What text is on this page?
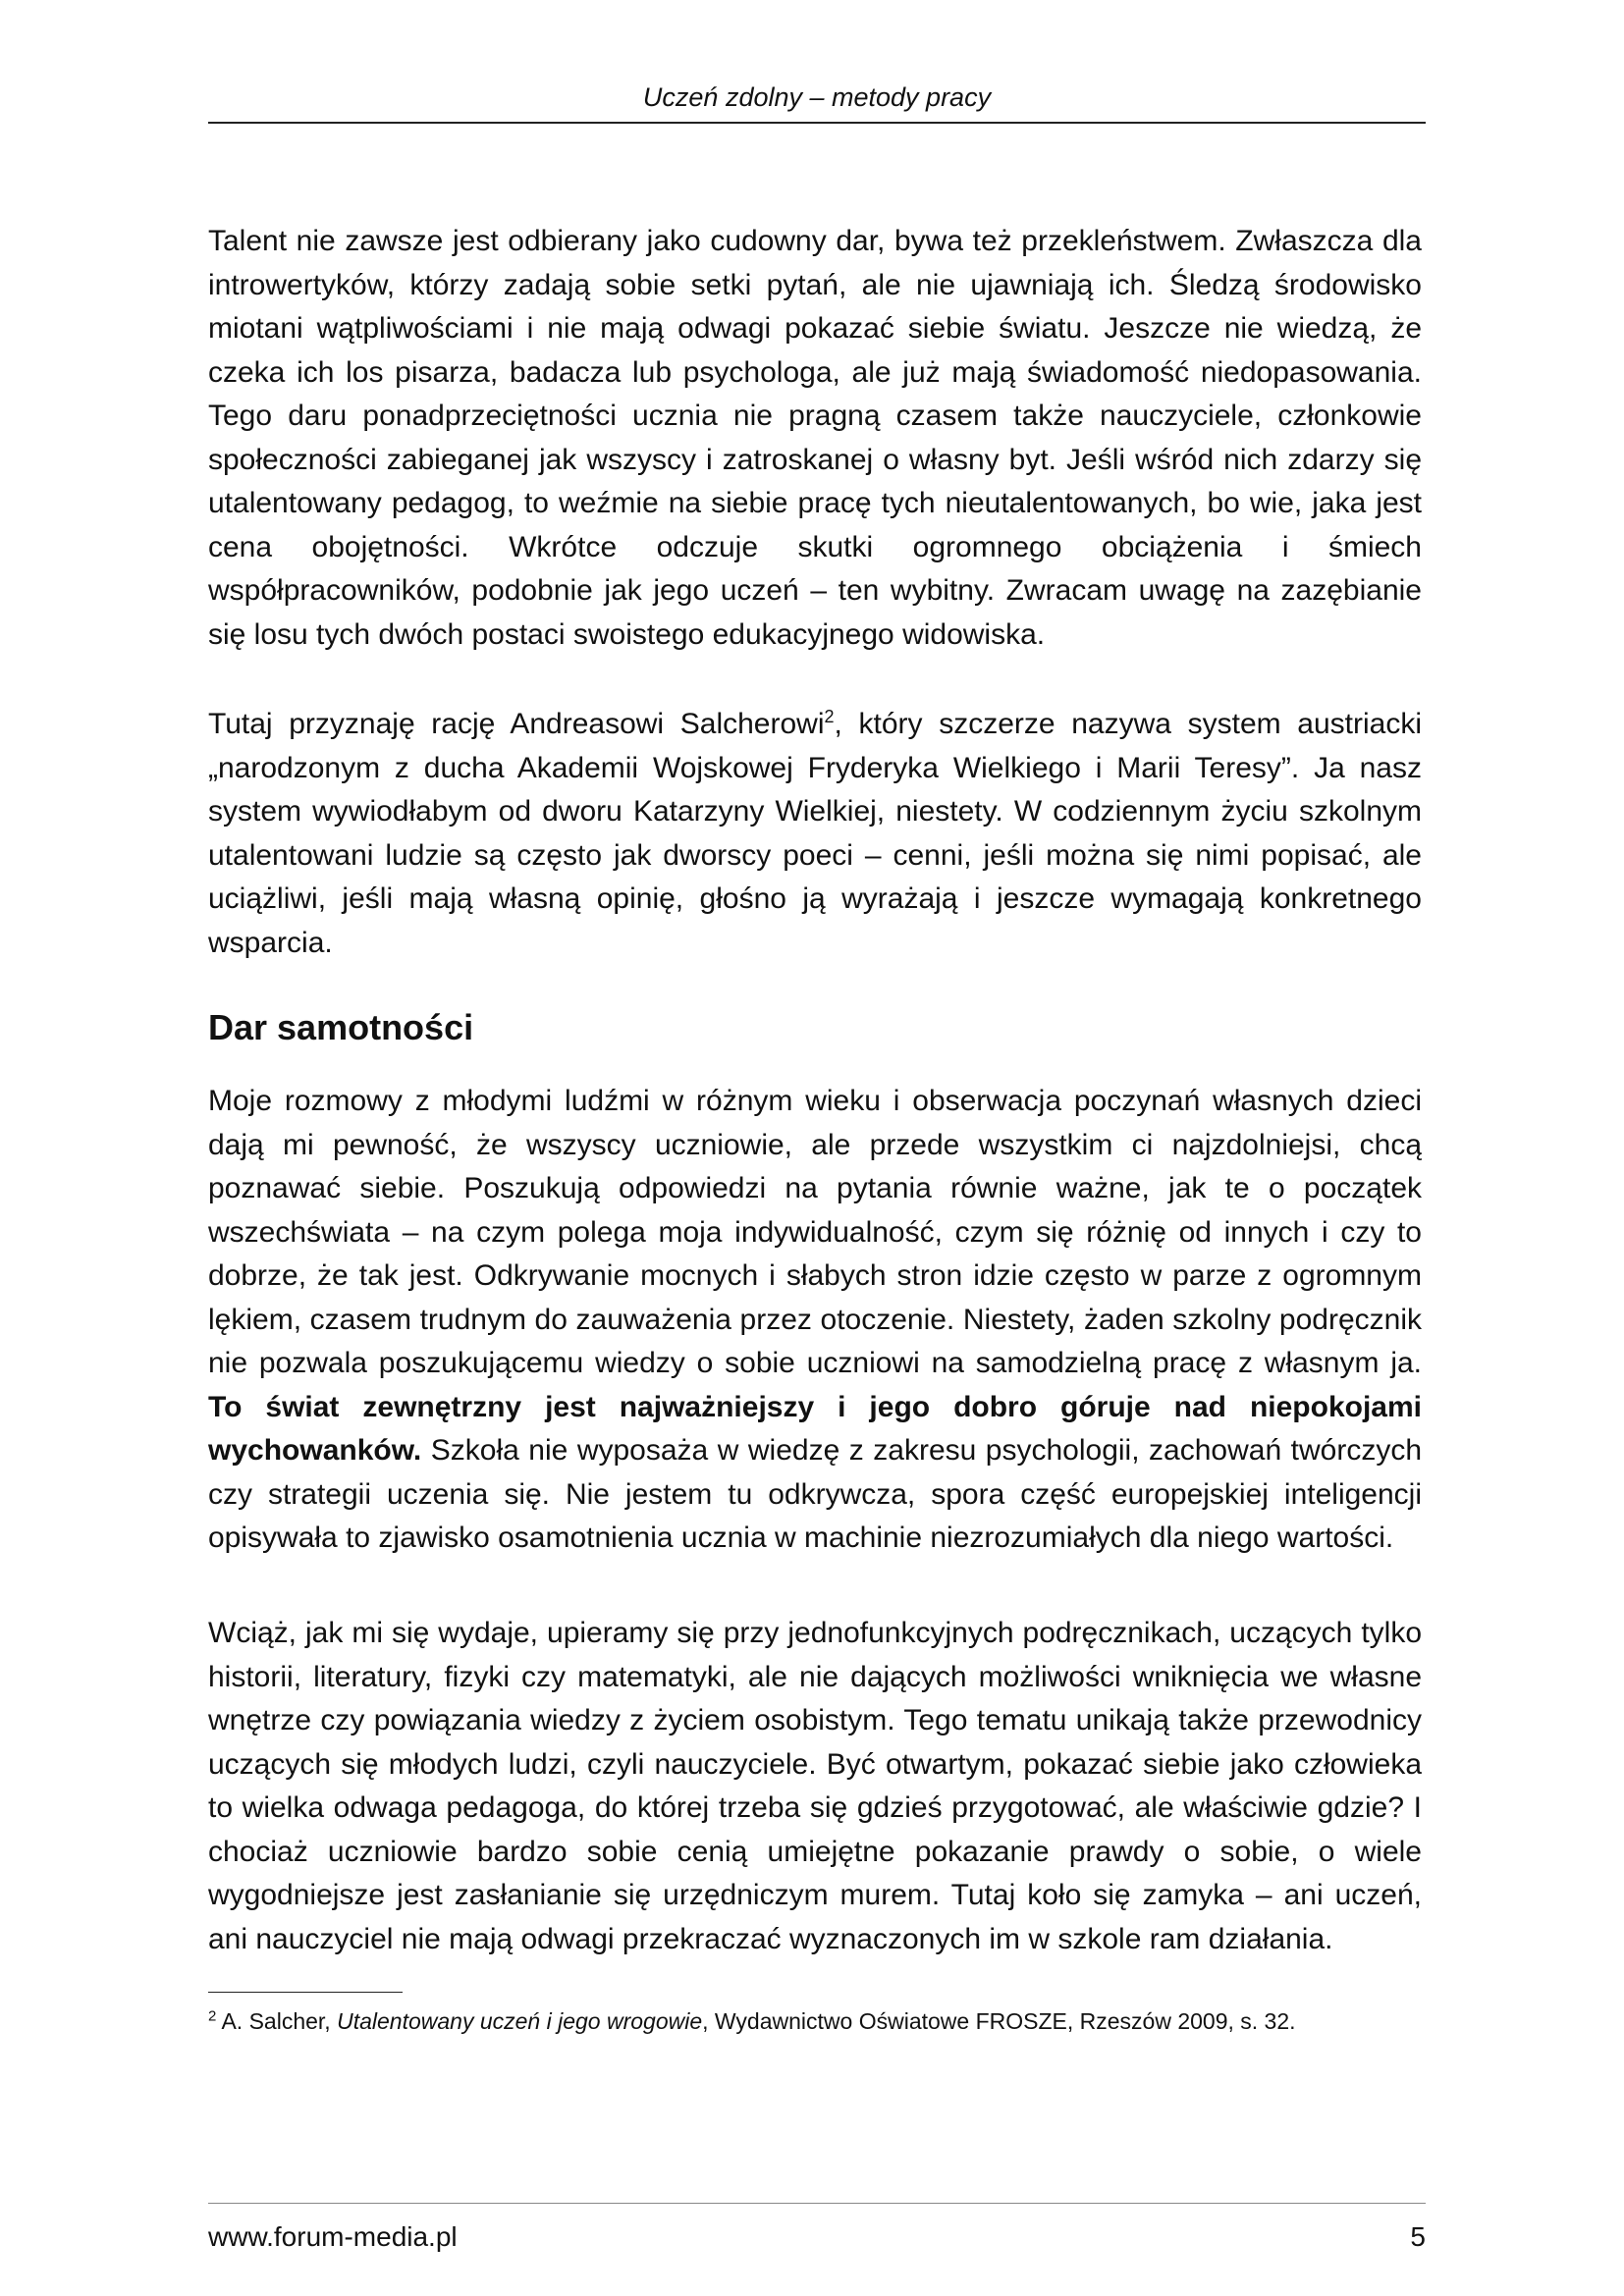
Uczeń zdolny – metody pracy
Talent nie zawsze jest odbierany jako cudowny dar, bywa też przekleństwem. Zwłaszcza dla introwertyków, którzy zadają sobie setki pytań, ale nie ujawniają ich. Śledzą środowisko miotani wątpliwościami i nie mają odwagi pokazać siebie światu. Jeszcze nie wiedzą, że czeka ich los pisarza, badacza lub psychologa, ale już mają świadomość niedopasowania. Tego daru ponadprzeciętności ucznia nie pragną czasem także nauczyciele, członkowie społeczności zabieganej jak wszyscy i zatroskanej o własny byt. Jeśli wśród nich zdarzy się utalentowany pedagog, to weźmie na siebie pracę tych nieutalentowanych, bo wie, jaka jest cena obojętności. Wkrótce odczuje skutki ogromnego obciążenia i śmiech współpracowników, podobnie jak jego uczeń – ten wybitny. Zwracam uwagę na zazębianie się losu tych dwóch postaci swoistego edukacyjnego widowiska.
Tutaj przyznaję rację Andreasowi Salcherowi$^2$, który szczerze nazywa system austriacki „narodzonym z ducha Akademii Wojskowej Fryderyka Wielkiego i Marii Teresy”. Ja nasz system wywiodłabym od dworu Katarzyny Wielkiej, niestety. W codziennym życiu szkolnym utalentowani ludzie są często jak dworscy poeci – cenni, jeśli można się nimi popisać, ale uciążliwi, jeśli mają własną opinię, głośno ją wyrażają i jeszcze wymagają konkretnego wsparcia.
Dar samotności
Moje rozmowy z młodymi ludźmi w różnym wieku i obserwacja poczynań własnych dzieci dają mi pewność, że wszyscy uczniowie, ale przede wszystkim ci najzdolniejsi, chcą poznawać siebie. Poszukują odpowiedzi na pytania równie ważne, jak te o początek wszechświata – na czym polega moja indywidualność, czym się różnię od innych i czy to dobrze, że tak jest. Odkrywanie mocnych i słabych stron idzie często w parze z ogromnym lękiem, czasem trudnym do zauważenia przez otoczenie. Niestety, żaden szkolny podręcznik nie pozwala poszukującemu wiedzy o sobie uczniowi na samodzielną pracę z własnym ja. To świat zewnętrzny jest najważniejszy i jego dobro góruje nad niepokojami wychowanków. Szkoła nie wyposaża w wiedzę z zakresu psychologii, zachowań twórczych czy strategii uczenia się. Nie jestem tu odkrywcza, spora część europejskiej inteligencji opisywała to zjawisko osamotnienia ucznia w machinie niezrozumiałych dla niego wartości.
Wciąż, jak mi się wydaje, upieramy się przy jednofunkcyjnych podręcznikach, uczących tylko historii, literatury, fizyki czy matematyki, ale nie dających możliwości wniknięcia we własne wnętrze czy powiązania wiedzy z życiem osobistym. Tego tematu unikają także przewodnicy uczących się młodych ludzi, czyli nauczyciele. Być otwartym, pokazać siebie jako człowieka to wielka odwaga pedagoga, do której trzeba się gdzieś przygotować, ale właściwie gdzie? I chociaż uczniowie bardzo sobie cenią umiejętne pokazanie prawdy o sobie, o wiele wygodniejsze jest zasłanianie się urzędniczym murem. Tutaj koło się zamyka – ani uczeń, ani nauczyciel nie mają odwagi przekraczać wyznaczonych im w szkole ram działania.
$^2$ A. Salcher, Utalentowany uczeń i jego wrogowie, Wydawnictwo Oświatowe FROSZE, Rzeszów 2009, s. 32.
www.forum-media.pl	5
